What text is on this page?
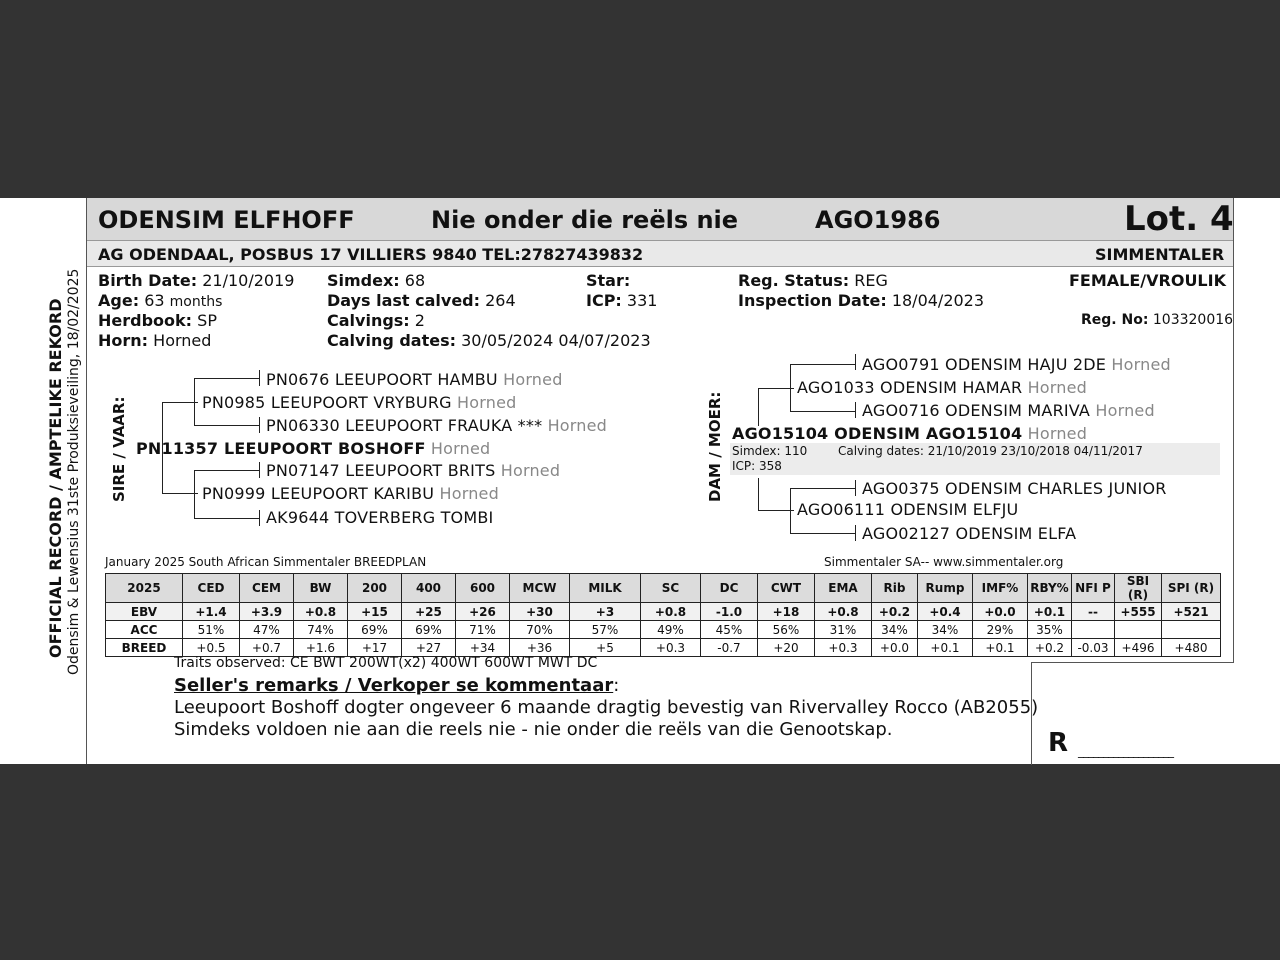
ODENSIM ELFHOFF	Nie onder die reëls nie	AGO1986	Lot. 4
AG ODENDAAL, POSBUS 17 VILLIERS 9840 TEL:27827439832	SIMMENTALER
Birth Date: 21/10/2019
Age: 63 months
Herdbook: SP
Horn: Horned
Simdex: 68
Days last calved: 264
Calvings: 2
Calving dates: 30/05/2024 04/07/2023
Star:
ICP: 331
Reg. Status: REG
Inspection Date: 18/04/2023
FEMALE/VROULIK
Reg. No: 103320016
OFFICIAL RECORD / AMPTELIKE REKORD Odensim & Lewensius 31ste Produksieveiling, 18/02/2025 SIRE / VAAR:	DAM / MOER:
PN0676 LEEUPOORT HAMBU Horned
PN0985 LEEUPOORT VRYBURG Horned
PN06330 LEEUPOORT FRAUKA *** Horned
PN11357 LEEUPOORT BOSHOFF Horned
PN07147 LEEUPOORT BRITS Horned
PN0999 LEEUPOORT KARIBU Horned
AK9644 TOVERBERG TOMBI
AGO0791 ODENSIM HAJU 2DE Horned
AGO1033 ODENSIM HAMAR Horned
AGO0716 ODENSIM MARIVA Horned
AGO15104 ODENSIM AGO15104 Horned
Simdex: 110	Calving dates: 21/10/2019 23/10/2018 04/11/2017
ICP: 358
AGO0375 ODENSIM CHARLES JUNIOR
AGO06111 ODENSIM ELFJU
AGO02127 ODENSIM ELFA
January 2025 South African Simmentaler BREEDPLAN	Simmentaler SA-- www.simmentaler.org
2025	CED	CEM	BW	200	400	600	MCW	MILK	SC	DC	CWT	EMA	Rib	Rump	IMF%	RBY%	NFI P	SBI (R)	SPI (R)
EBV	+1.4	+3.9	+0.8	+15	+25	+26	+30	+3	+0.8	-1.0	+18	+0.8	+0.2	+0.4	+0.0	+0.1	--	+555	+521
ACC	51%	47%	74%	69%	69%	71%	70%	57%	49%	45%	56%	31%	34%	34%	29%	35%			
BREED	+0.5	+0.7	+1.6	+17	+27	+34	+36	+5	+0.3	-0.7	+20	+0.3	+0.0	+0.1	+0.1	+0.2	-0.03	+496	+480
Traits observed: CE BWT 200WT(x2) 400WT 600WT MWT DC
Seller's remarks / Verkoper se kommentaar:
Leeupoort Boshoff dogter ongeveer 6 maande dragtig bevestig van Rivervalley Rocco (AB2055)
Simdeks voldoen nie aan die reels nie - nie onder die reëls van die Genootskap.	R ___________________
